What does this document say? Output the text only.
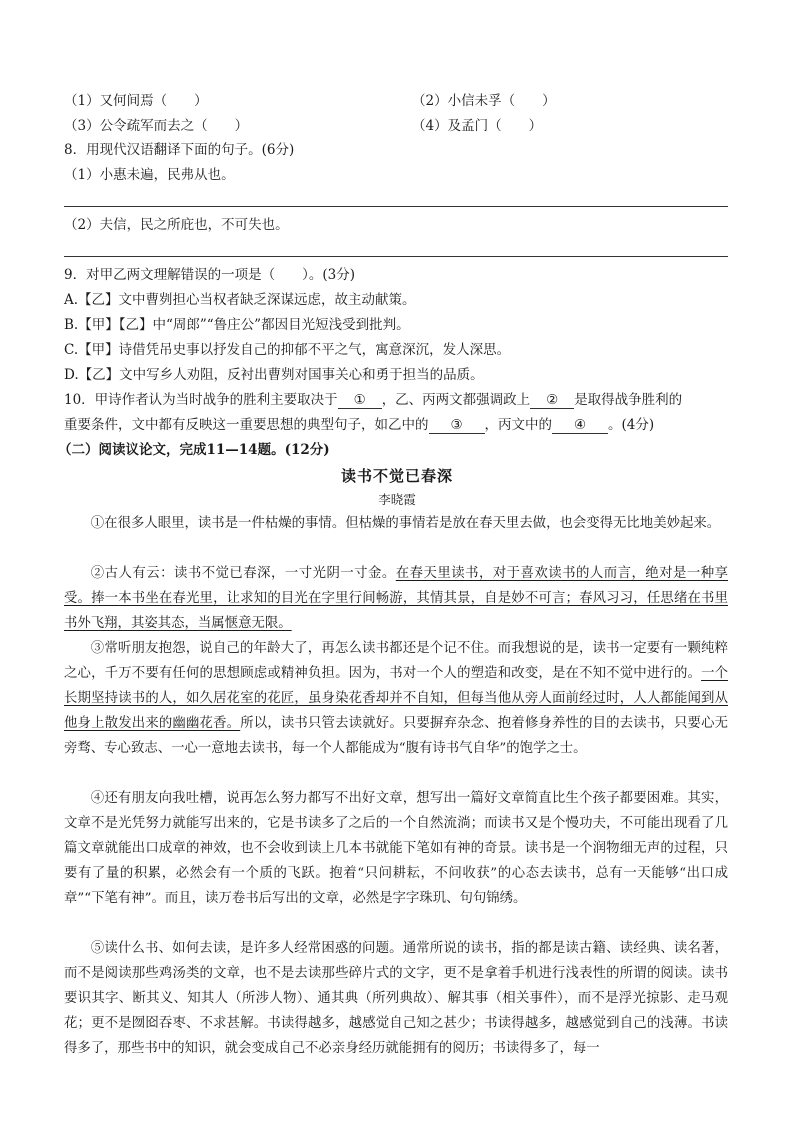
（1）又何间焉（　　）	（2）小信未孚（　　）
（3）公令疏军而去之（　　）	（4）及孟门（　　）
8．用现代汉语翻译下面的句子。(6分)
（1）小惠未遍，民弗从也。
（2）夫信，民之所庇也，不可失也。
9．对甲乙两文理解错误的一项是（　　）。(3分)
A.【乙】文中曹刿担心当权者缺乏深谋远虑，故主动献策。
B.【甲】【乙】中“周郎”“鲁庄公”都因目光短浅受到批判。
C.【甲】诗借凭吊史事以抒发自己的抑郁不平之气，寓意深沉，发人深思。
D.【乙】文中写乡人劝阻，反衬出曹刿对国事关心和勇于担当的品质。
10．甲诗作者认为当时战争的胜利主要取决于 ① ，乙、丙两文都强调政上 ② 是取得战争胜利的
重要条件，文中都有反映这一重要思想的典型句子，如乙中的 ③ ，丙文中的 ④ 。(4分)
（二）阅读议论文，完成11—14题。(12分)
读书不觉已春深
李晓霞
①在很多人眼里，读书是一件枯燥的事情。但枯燥的事情若是放在春天里去做，也会变得无比地美妙起来。
②古人有云：读书不觉已春深，一寸光阴一寸金。在春天里读书，对于喜欢读书的人而言，绝对是一种享受。捧一本书坐在春光里，让求知的目光在字里行间畅游，其情其景，自是妙不可言；春风习习，任思绪在书里书外飞翔，其姿其态，当属惬意无限。
③常听朋友抱怨，说自己的年龄大了，再怎么读书都还是个记不住。而我想说的是，读书一定要有一颗纯粹之心，千万不要有任何的思想顾虑或精神负担。因为，书对一个人的塑造和改变，是在不知不觉中进行的。一个长期坚持读书的人，如久居花室的花匠，虽身染花香却并不自知，但每当他从旁人面前经过时，人人都能闻到从他身上散发出来的幽幽花香。所以，读书只管去读就好。只要摒弃杂念、抱着修身养性的目的去读书，只要心无旁骛、专心致志、一心一意地去读书，每一个人都能成为“腹有诗书气自华”的饱学之士。
④还有朋友向我吐槽，说再怎么努力都写不出好文章，想写出一篇好文章简直比生个孩子都要困难。其实，文章不是光凭努力就能写出来的，它是书读多了之后的一个自然流淌；而读书又是个慢功夫，不可能出现看了几篇文章就能出口成章的神效，也不会收到读上几本书就能下笔如有神的奇景。读书是一个润物细无声的过程，只要有了量的积累，必然会有一个质的飞跃。抱着“只问耕耘，不问收获”的心态去读书，总有一天能够“出口成章”“下笔有神”。而且，读万卷书后写出的文章，必然是字字珠玑、句句锦绣。
⑤读什么书、如何去读，是许多人经常困惑的问题。通常所说的读书，指的都是读古籍、读经典、读名著，而不是阅读那些鸡汤类的文章，也不是去读那些碎片式的文字，更不是拿着手机进行浅表性的所谓的阅读。读书要识其字、断其义、知其人（所涉人物）、通其典（所列典故）、解其事（相关事件），而不是浮光掠影、走马观花；更不是囫囵吞枣、不求甚解。书读得越多，越感觉自己知之甚少；书读得越多，越感觉到自己的浅薄。书读得多了，那些书中的知识，就会变成自己不必亲身经历就能拥有的阅历；书读得多了，每一
